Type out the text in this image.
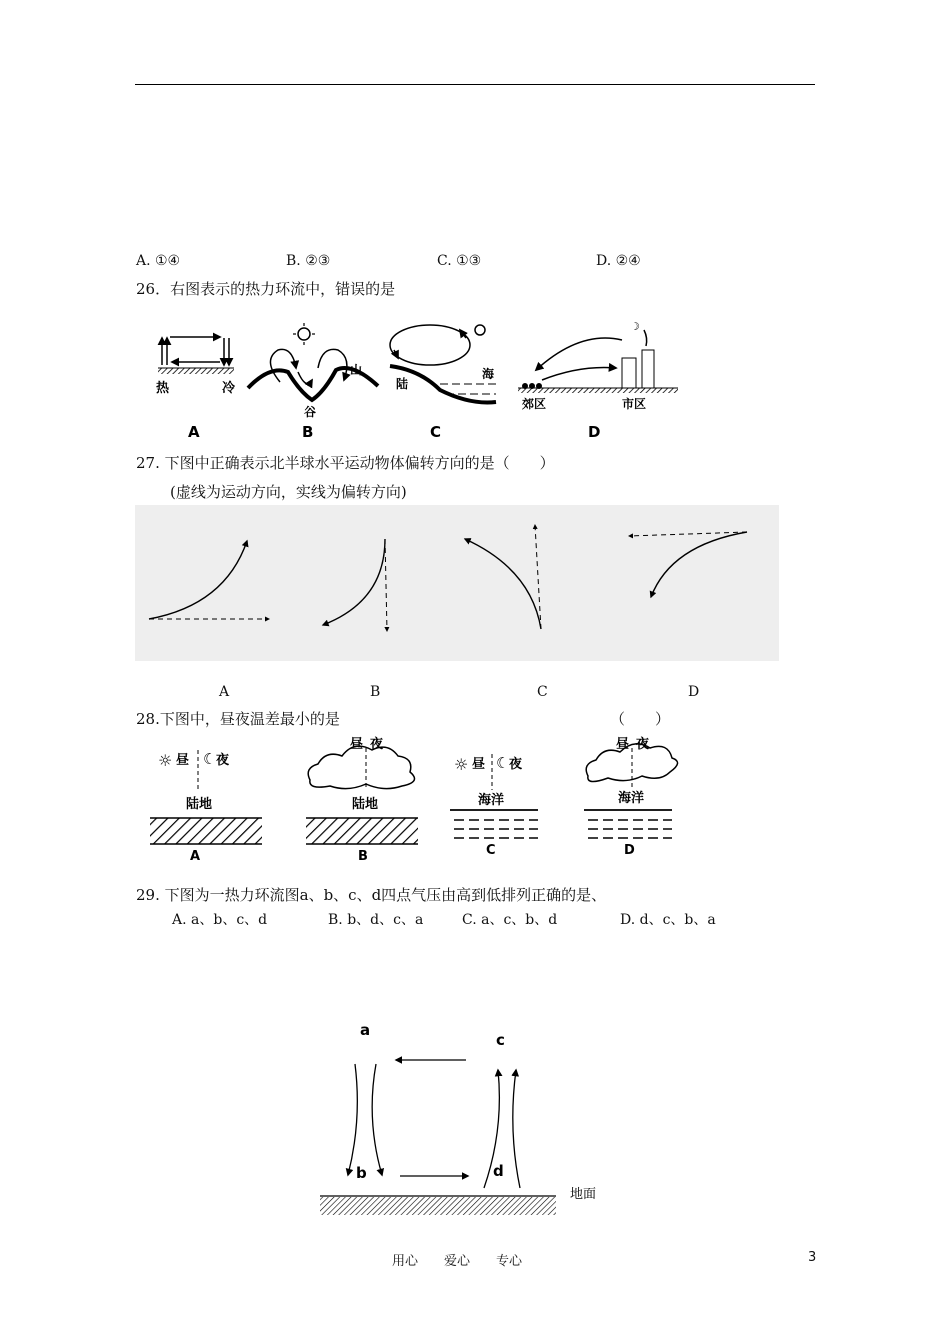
A. ①④	B. ②③	C. ①③	D. ②④
26．右图表示的热力环流中，错误的是
热	冷
A
山
谷
B
陆
海
C
☽
郊区	市区
D
27. 下图中正确表示北半球水平运动物体偏转方向的是（　　）
(虚线为运动方向，实线为偏转方向)
A	B	C	D
28.下图中，昼夜温差最小的是	（　　）
☼ 昼 ☾ 夜
陆地
A
昼 夜
陆地
B
☼ 昼 ☾ 夜
海洋
C
昼 夜
海洋
D
29. 下图为一热力环流图a、b、c、d四点气压由高到低排列正确的是、
A. a、b、c、d	B. b、d、c、a	C. a、c、b、d	D. d、c、b、a
a
c
b	d
地面
用心　　爱心　　专心	3
